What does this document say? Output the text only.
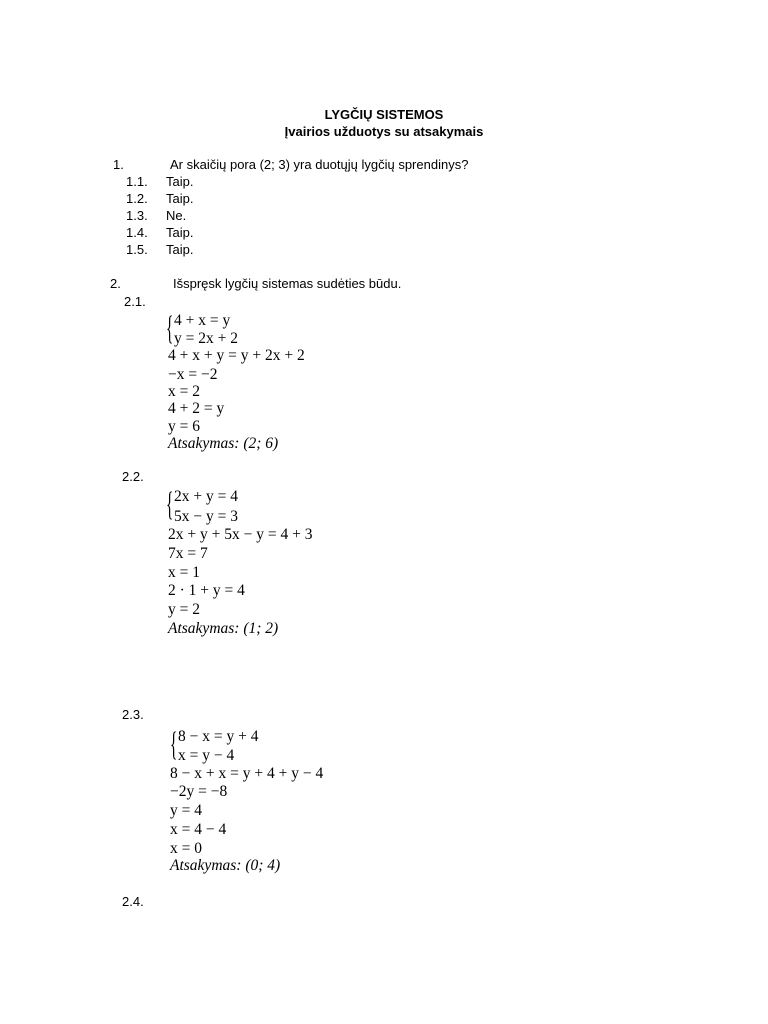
LYGČIŲ SISTEMOS
Įvairios užduotys su atsakymais
1.	Ar skaičių pora (2; 3) yra duotųjų lygčių sprendinys?
1.1. Taip.
1.2. Taip.
1.3. Ne.
1.4. Taip.
1.5. Taip.
2.	Išspręsk lygčių sistemas sudėties būdu.
2.1.
{ 4 + x = y
y = 2x + 2
4 + x + y = y + 2x + 2
−x = −2
x = 2
4 + 2 = y
y = 6
Atsakymas: (2; 6)
2.2.
{ 2x + y = 4
5x − y = 3
2x + y + 5x − y = 4 + 3
7x = 7
x = 1
2 · 1 + y = 4
y = 2
Atsakymas: (1; 2)
2.3.
{ 8 − x = y + 4
x = y − 4
8 − x + x = y + 4 + y − 4
−2y = −8
y = 4
x = 4 − 4
x = 0
Atsakymas: (0; 4)
2.4.
